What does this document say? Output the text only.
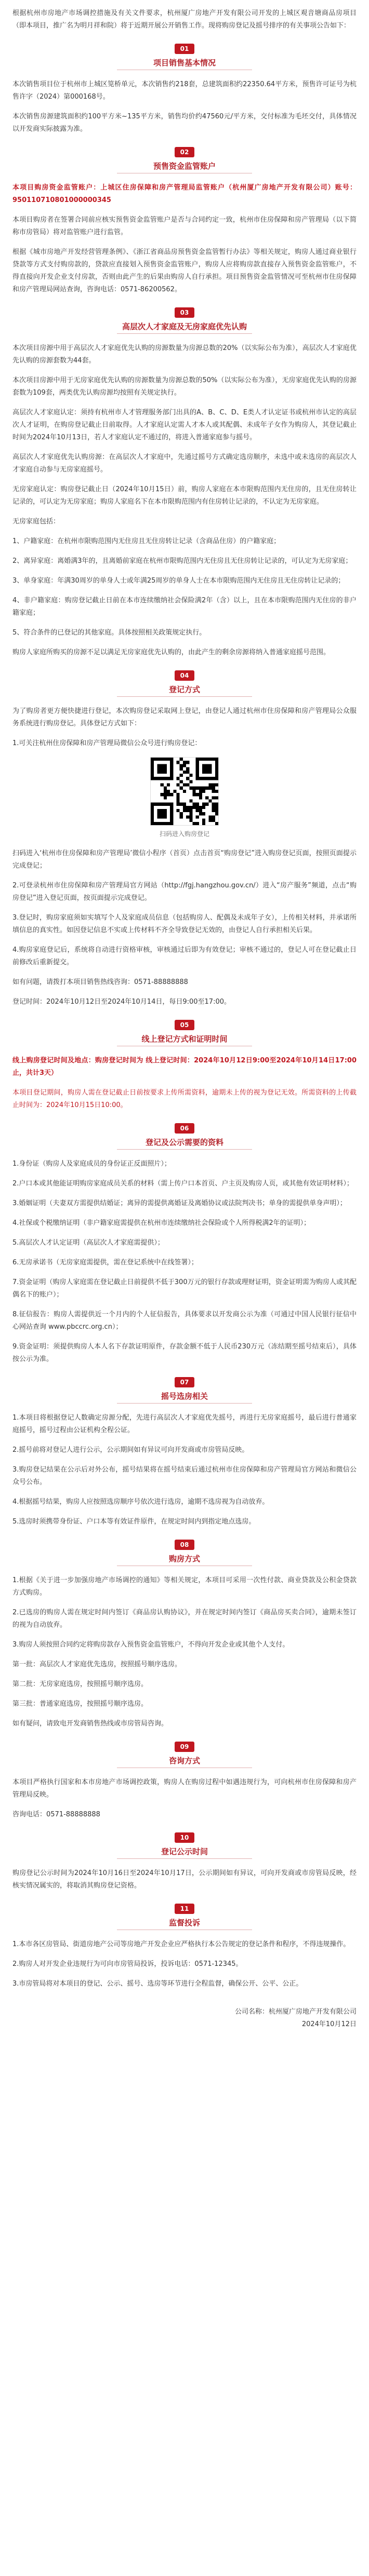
根据杭州市房地产市场调控措施及有关文件要求，杭州厦广房地产开发有限公司开发的上城区观音塘商品房项目（即本项目，推广名为明月祥和院）将于近期开展公开销售工作。现将购房登记及摇号排序的有关事项公告如下：

01
项目销售基本情况

本次销售项目位于杭州市上城区笕桥单元，本次销售约218套，总建筑面积约22350.64平方米，预售许可证号为杭售许字（2024）第000168号。

本次销售房源建筑面积约100平方米~135平方米，销售均价约47560元/平方米，交付标准为毛坯交付，具体情况以开发商实际披露为准。

02
预售资金监管账户

本项目购房资金监管账户：上城区住房保障和房产管理局监管账户（杭州厦广房地产开发有限公司）账号：950110710801000000345

本项目购房者在签署合同前应核实预售资金监管账户是否与合同约定一致，杭州市住房保障和房产管理局（以下简称市房管局）将对监管账户进行监管。

根据《城市房地产开发经营管理条例》、《浙江省商品房预售资金监管暂行办法》等相关规定，购房人通过商业银行贷款等方式支付购房款的，贷款应直接划入预售资金监管账户，购房人应将购房款直接存入预售资金监管账户，不得直接向开发企业支付房款，否则由此产生的后果由购房人自行承担。项目预售资金监管情况可至杭州市住房保障和房产管理局网站查询，咨询电话：0571-86200562。

03
高层次人才家庭及无房家庭优先认购

本次项目房源中用于高层次人才家庭优先认购的房源数量为房源总数的20%（以实际公布为准），高层次人才家庭优先认购的房源套数为44套。

本次项目房源中用于无房家庭优先认购的房源数量为房源总数的50%（以实际公布为准），无房家庭优先认购的房源套数为109套，两类优先认购房源均按照有关规定执行。

高层次人才家庭认定：须持有杭州市人才管理服务部门出具的A、B、C、D、E类人才认定证书或杭州市认定的高层次人才证明，在购房登记截止日前取得。人才家庭认定需人才本人或其配偶、未成年子女作为购房人，其登记截止时间为2024年10月13日，若人才家庭认定不通过的，将进入普通家庭参与摇号。

高层次人才家庭优先认购房源：在高层次人才家庭中，先通过摇号方式确定选房顺序，未选中或未选房的高层次人才家庭自动参与无房家庭摇号。

无房家庭认定：购房登记截止日（2024年10月15日）前，购房人家庭在本市限购范围内无住房的，且无住房转让记录的，可认定为无房家庭；购房人家庭名下在本市限购范围内有住房转让记录的，不认定为无房家庭。

无房家庭包括：

1、户籍家庭：在杭州市限购范围内无住房且无住房转让记录（含商品住房）的户籍家庭；

2、离异家庭：离婚满3年的，且离婚前家庭在杭州市限购范围内无住房且无住房转让记录的，可认定为无房家庭；

3、单身家庭：年满30周岁的单身人士或年满25周岁的单身人士在本市限购范围内无住房且无住房转让记录的；

4、非户籍家庭：购房登记截止日前在本市连续缴纳社会保险满2年（含）以上，且在本市限购范围内无住房的非户籍家庭；

5、符合条件的已登记的其他家庭。具体按照相关政策规定执行。

购房人家庭所购买的房源不足以满足无房家庭优先认购的，由此产生的剩余房源将纳入普通家庭摇号范围。

04
登记方式

为了购房者更方便快捷进行登记，本次购房登记采取网上登记，由登记人通过杭州市住房保障和房产管理局公众服务系统进行购房登记。具体登记方式如下：

1.可关注杭州住房保障和房产管理局微信公众号进行购房登记：

扫码进入购房登记

扫码进入‘杭州市住房保障和房产管理局’微信小程序（首页）点击首页“购房登记”进入购房登记页面，按照页面提示完成登记；

2.可登录杭州市住房保障和房产管理局官方网站（http://fgj.hangzhou.gov.cn/）进入“房产服务”频道，点击“购房登记”进入登记页面，按页面提示完成登记。

3.登记时，购房家庭须如实填写个人及家庭成员信息（包括购房人、配偶及未成年子女），上传相关材料，并承诺所填信息的真实性。如因登记信息不实或上传材料不齐全导致登记无效的，由登记人自行承担相关后果。

4.购房家庭登记后，系统将自动进行资格审核，审核通过后即为有效登记；审核不通过的，登记人可在登记截止日前修改后重新提交。

如有问题，请拨打本项目销售热线咨询：0571-88888888

登记时间：2024年10月12日至2024年10月14日，每日9:00至17:00。

05
线上登记方式和证明时间

线上购房登记时间及地点：购房登记时间为 线上登记时间：2024年10月12日9:00至2024年10月14日17:00止，共计3天）

本项目登记期间，购房人需在登记截止日前按要求上传所需资料，逾期未上传的视为登记无效。所需资料的上传截止时间为：2024年10月15日10:00。

06
登记及公示需要的资料

1.身份证（购房人及家庭成员的身份证正反面照片）；

2.户口本或其他能证明购房家庭成员关系的材料（需上传户口本首页、户主页及购房人页，或其他有效证明材料）；

3.婚姻证明（夫妻双方需提供结婚证；离异的需提供离婚证及离婚协议或法院判决书；单身的需提供单身声明）；

4.社保或个税缴纳证明（非户籍家庭需提供在杭州市连续缴纳社会保险或个人所得税满2年的证明）；

5.高层次人才认定证明（高层次人才家庭需提供）；

6.无房承诺书（无房家庭需提供，需在登记系统中在线签署）；

7.资金证明（购房人家庭需在登记截止日前提供不低于300万元的银行存款或理财证明，资金证明需为购房人或其配偶名下的账户）；

8.征信报告：购房人需提供近一个月内的个人征信报告，具体要求以开发商公示为准（可通过中国人民银行征信中心网站查询 www.pbccrc.org.cn）；

9.资金证明：须提供购房人本人名下存款证明原件，存款金额不低于人民币230万元（冻结期至摇号结束后），具体按公示为准。

07
摇号选房相关

1.本项目将根据登记人数确定房源分配，先进行高层次人才家庭优先摇号，再进行无房家庭摇号，最后进行普通家庭摇号，摇号过程由公证机构全程公证。

2.摇号前将对登记人进行公示，公示期间如有异议可向开发商或市房管局反映。

3.购房登记结果在公示后对外公布，摇号结果将在摇号结束后通过杭州市住房保障和房产管理局官方网站和微信公众号公布。

4.根据摇号结果，购房人应按照选房顺序号依次进行选房，逾期不选房视为自动放弃。

5.选房时须携带身份证、户口本等有效证件原件，在规定时间内到指定地点选房。

08
购房方式

1.根据《关于进一步加强房地产市场调控的通知》等相关规定，本项目可采用一次性付款、商业贷款及公积金贷款方式购房。

2.已选房的购房人需在规定时间内签订《商品房认购协议》，并在规定时间内签订《商品房买卖合同》，逾期未签订的视为自动放弃。

3.购房人须按照合同约定将购房款存入预售资金监管账户，不得向开发企业或其他个人支付。

第一批：高层次人才家庭优先选房，按照摇号顺序选房。

第二批：无房家庭选房，按照摇号顺序选房。

第三批：普通家庭选房，按照摇号顺序选房。

如有疑问，请致电开发商销售热线或市房管局咨询。

09
咨询方式

本项目严格执行国家和本市房地产市场调控政策，购房人在购房过程中如遇违规行为，可向杭州市住房保障和房产管理局反映。

咨询电话：0571-88888888

10
登记公示时间

购房登记公示时间为2024年10月16日至2024年10月17日，公示期间如有异议，可向开发商或市房管局反映，经核实情况属实的，将取消其购房登记资格。

11
监督投诉

1.本市各区房管局、街道房地产公司等房地产开发企业应严格执行本公告规定的登记条件和程序，不得违规操作。

2.购房人对开发企业违规行为可向市房管局投诉，投诉电话：0571-12345。

3.市房管局将对本项目的登记、公示、摇号、选房等环节进行全程监督，确保公开、公平、公正。

公司名称：杭州厦广房地产开发有限公司
2024年10月12日
